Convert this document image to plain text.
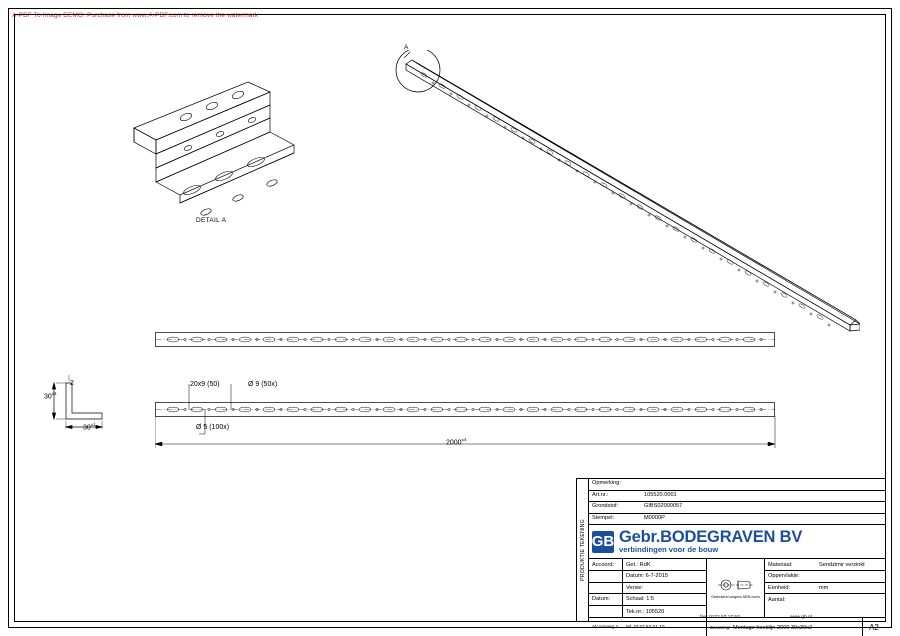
A-PDF To Image DEMO: Purchase from www.A-PDF.com to remove the watermark
DETAIL A
A
20x9 (50)	Ø 9 (50x)
Ø 5 (100x)
$2000^{\pm 4}$
2
$30^{\pm 1}$
$30^{\pm 1}$
PRODUKTIE TEKENING
Opmerking:
Art.nr.:	105520.0001
Grondstof:	GIBS02000057
Stempel:	M0000P
GB Gebr.BODEGRAVEN BV
verbindingen voor de bouw
Accoord:	Get.: RdK
Datum: 6-7-2015
Versie:
Datum:	Schaal: 1:5
Tek.nr.: 105520
Geteckend volgens NEN-norm
Materiaal:	Sendzimir verzinkt
Oppervlakte:
Eenheid:	mm
Aantal:
Alcomweg 2 tel: 0172 52 01 10	Benaming: Montage hoeklijn 2000 30x30x2	A2
fax: 0172 57 17 53	www.gb.nl
